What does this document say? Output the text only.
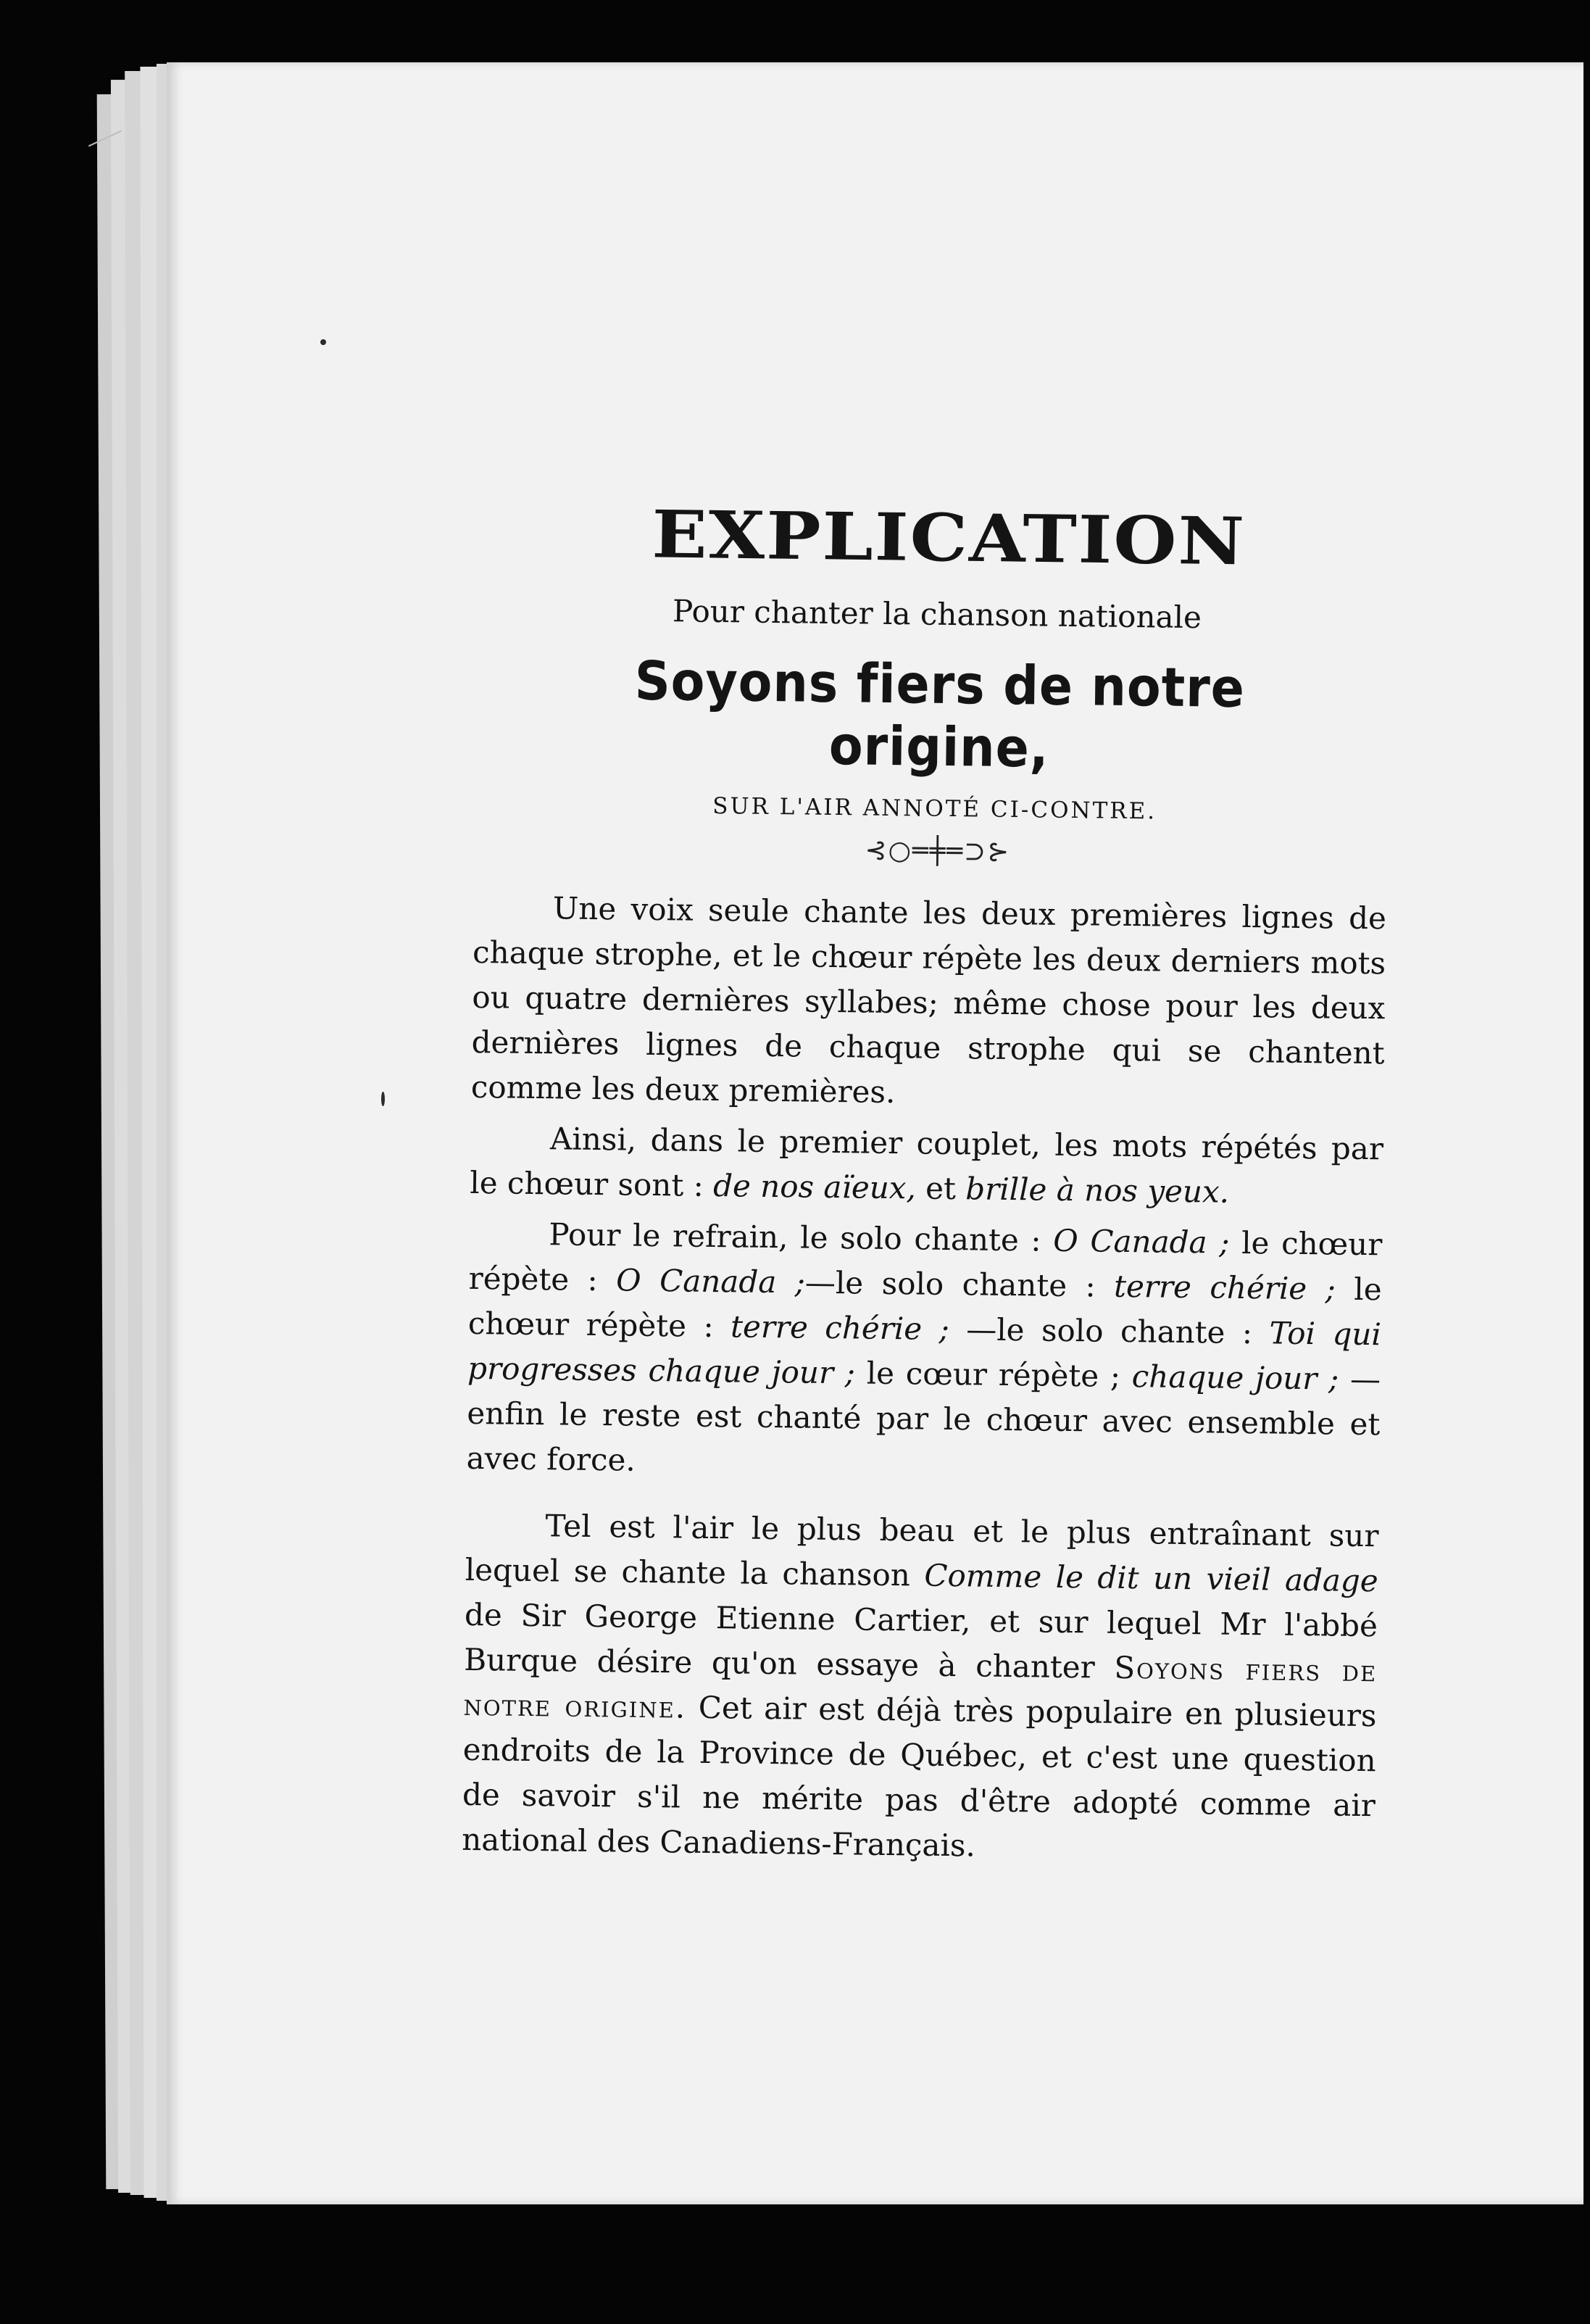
EXPLICATION
Pour chanter la chanson nationale
Soyons fiers de notre origine,
SUR L'AIR ANNOTÉ CI-CONTRE.
⊰○═╪═⊃⊱

Une voix seule chante les deux premières lignes de chaque strophe, et le chœur répète les deux derniers mots ou quatre dernières syllabes; même chose pour les deux dernières lignes de chaque strophe qui se chantent comme les deux premières.

Ainsi, dans le premier couplet, les mots répétés par le chœur sont : de nos aïeux, et brille à nos yeux.

Pour le refrain, le solo chante : O Canada ; le chœur répète : O Canada ;—le solo chante : terre chérie ; le chœur répète : terre chérie ; —le solo chante : Toi qui progresses chaque jour ; le cœur répète ; chaque jour ; —enfin le reste est chanté par le chœur avec ensemble et avec force.

Tel est l'air le plus beau et le plus entraînant sur lequel se chante la chanson Comme le dit un vieil adage de Sir George Etienne Cartier, et sur lequel Mr l'abbé Burque désire qu'on essaye à chanter Soyons fiers de notre origine. Cet air est déjà très populaire en plusieurs endroits de la Province de Québec, et c'est une question de savoir s'il ne mérite pas d'être adopté comme air national des Canadiens-Français.
